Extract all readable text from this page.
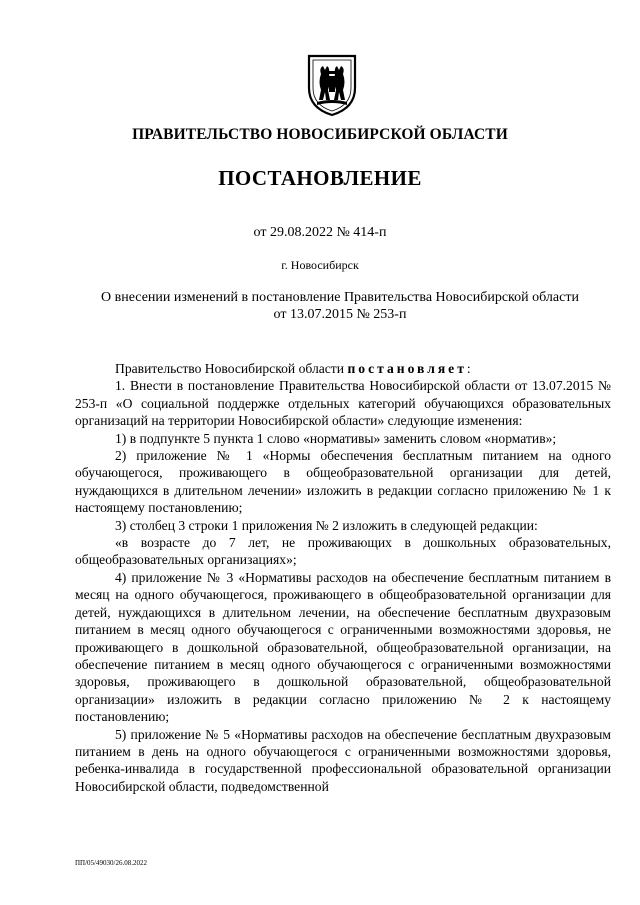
ПРАВИТЕЛЬСТВО НОВОСИБИРСКОЙ ОБЛАСТИ
ПОСТАНОВЛЕНИЕ
от 29.08.2022 № 414-п
г. Новосибирск
О внесении изменений в постановление Правительства Новосибирской области
от 13.07.2015 № 253-п

Правительство Новосибирской области постановляет:

1. Внести в постановление Правительства Новосибирской области от 13.07.2015 № 253-п «О социальной поддержке отдельных категорий обучающихся образовательных организаций на территории Новосибирской области» следующие изменения:

1) в подпункте 5 пункта 1 слово «нормативы» заменить словом «норматив»;

2) приложение № 1 «Нормы обеспечения бесплатным питанием на одного обучающегося, проживающего в общеобразовательной организации для детей, нуждающихся в длительном лечении» изложить в редакции согласно приложению № 1 к настоящему постановлению;

3) столбец 3 строки 1 приложения № 2 изложить в следующей редакции:

«в возрасте до 7 лет, не проживающих в дошкольных образовательных, общеобразовательных организациях»;

4) приложение № 3 «Нормативы расходов на обеспечение бесплатным питанием в месяц на одного обучающегося, проживающего в общеобразовательной организации для детей, нуждающихся в длительном лечении, на обеспечение бесплатным двухразовым питанием в месяц одного обучающегося с ограниченными возможностями здоровья, не проживающего в дошкольной образовательной, общеобразовательной организации, на обеспечение питанием в месяц одного обучающегося с ограниченными возможностями здоровья, проживающего в дошкольной образовательной, общеобразовательной организации» изложить в редакции согласно приложению № 2 к настоящему постановлению;

5) приложение № 5 «Нормативы расходов на обеспечение бесплатным двухразовым питанием в день на одного обучающегося с ограниченными возможностями здоровья, ребенка-инвалида в государственной профессиональной образовательной организации Новосибирской области, подведомственной

ПП/05/49030/26.08.2022
